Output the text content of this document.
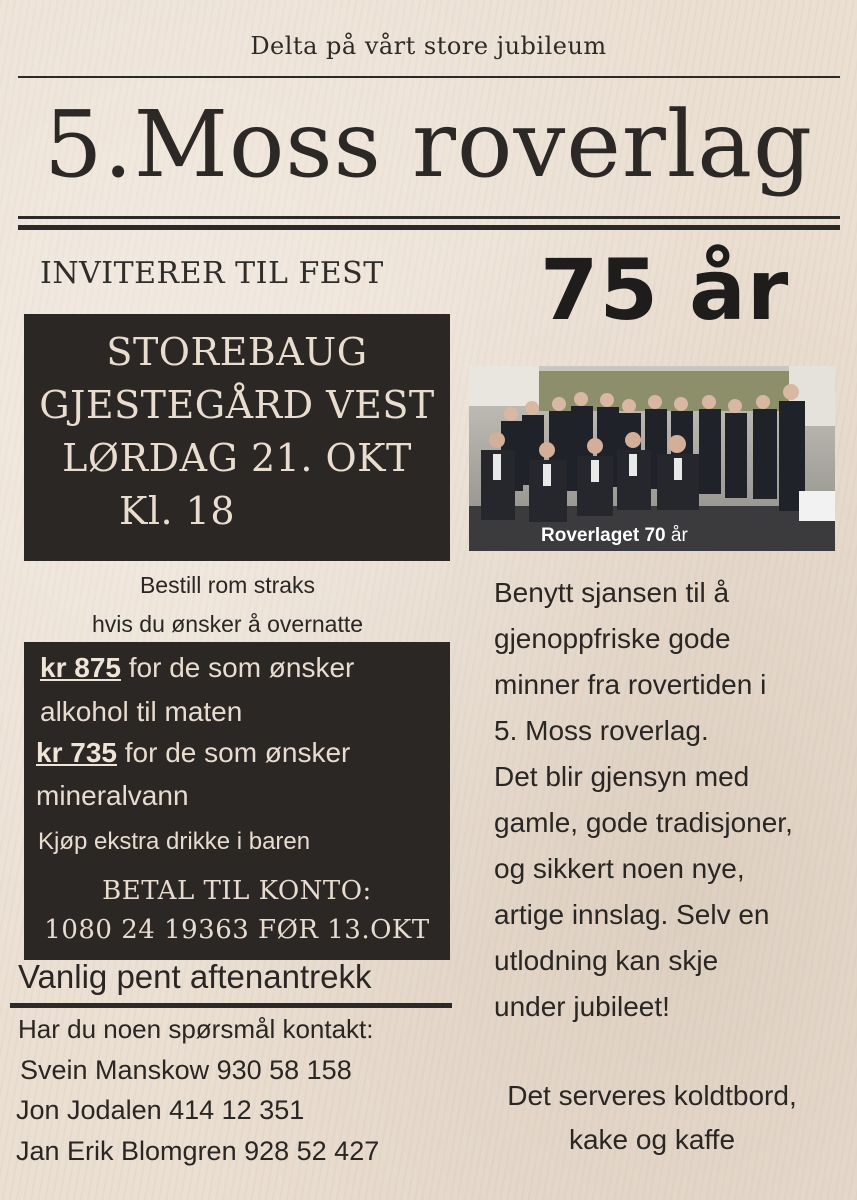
Delta på vårt store jubileum

5.Moss roverlag

INVITERER TIL FEST 75 år

STOREBAUG
GJESTEGÅRD VEST
LØRDAG 21. OKT
Kl. 18
Roverlaget 70 år

Bestill rom straks

hvis du ønsker å overnatte

kr 875 for de som ønsker
alkohol til maten
kr 735 for de som ønsker
mineralvann
Kjøp ekstra drikke i baren
BETAL TIL KONTO:
1080 24 19363 FØR 13.OKT

Vanlig pent aftenantrekk

Har du noen spørsmål kontakt:

Svein Manskow 930 58 158

Jon Jodalen 414 12 351

Jan Erik Blomgren 928 52 427

Benytt sjansen til å
gjenoppfriske gode
minner fra rovertiden i
5. Moss roverlag.
Det blir gjensyn med
gamle, gode tradisjoner,
og sikkert noen nye,
artige innslag. Selv en
utlodning kan skje
under jubileet!

Det serveres koldtbord,

kake og kaffe
